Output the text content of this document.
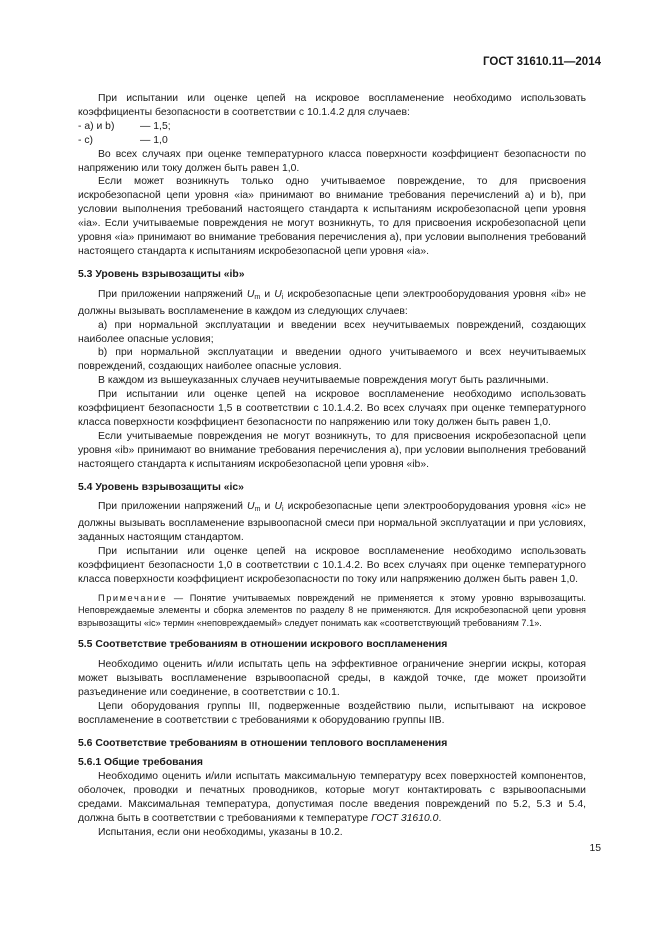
ГОСТ 31610.11—2014

При испытании или оценке цепей на искровое воспламенение необходимо использовать коэффициенты безопасности в соответствии с 10.1.4.2 для случаев:

- а) и b)	— 1,5;
- c)	— 1,0

Во всех случаях при оценке температурного класса поверхности коэффициент безопасности по напряжению или току должен быть равен 1,0.

Если может возникнуть только одно учитываемое повреждение, то для присвоения искробезопасной цепи уровня «ia» принимают во внимание требования перечислений а) и b), при условии выполнения требований настоящего стандарта к испытаниям искробезопасной цепи уровня «ia». Если учитываемые повреждения не могут возникнуть, то для присвоения искробезопасной цепи уровня «ia» принимают во внимание требования перечисления а), при условии выполнения требований настоящего стандарта к испытаниям искробезопасной цепи уровня «ia».

5.3 Уровень взрывозащиты «ib»

При приложении напряжений $U_m$ и $U_i$ искробезопасные цепи электрооборудования уровня «ib» не должны вызывать воспламенение в каждом из следующих случаев:

а) при нормальной эксплуатации и введении всех неучитываемых повреждений, создающих наиболее опасные условия;

b) при нормальной эксплуатации и введении одного учитываемого и всех неучитываемых повреждений, создающих наиболее опасные условия.

В каждом из вышеуказанных случаев неучитываемые повреждения могут быть различными.

При испытании или оценке цепей на искровое воспламенение необходимо использовать коэффициент безопасности 1,5 в соответствии с 10.1.4.2. Во всех случаях при оценке температурного класса поверхности коэффициент безопасности по напряжению или току должен быть равен 1,0.

Если учитываемые повреждения не могут возникнуть, то для присвоения искробезопасной цепи уровня «ib» принимают во внимание требования перечисления а), при условии выполнения требований настоящего стандарта к испытаниям искробезопасной цепи уровня «ib».

5.4 Уровень взрывозащиты «ic»

При приложении напряжений $U_m$ и $U_i$ искробезопасные цепи электрооборудования уровня «ic» не должны вызывать воспламенение взрывоопасной смеси при нормальной эксплуатации и при условиях, заданных настоящим стандартом.

При испытании или оценке цепей на искровое воспламенение необходимо использовать коэффициент безопасности 1,0 в соответствии с 10.1.4.2. Во всех случаях при оценке температурного класса поверхности коэффициент искробезопасности по току или напряжению должен быть равен 1,0.

Примечание — Понятие учитываемых повреждений не применяется к этому уровню взрывозащиты. Неповреждаемые элементы и сборка элементов по разделу 8 не применяются. Для искробезопасной цепи уровня взрывозащиты «ic» термин «неповреждаемый» следует понимать как «соответствующий требованиям 7.1».

5.5 Соответствие требованиям в отношении искрового воспламенения

Необходимо оценить и/или испытать цепь на эффективное ограничение энергии искры, которая может вызывать воспламенение взрывоопасной среды, в каждой точке, где может произойти разъединение или соединение, в соответствии с 10.1.

Цепи оборудования группы III, подверженные воздействию пыли, испытывают на искровое воспламенение в соответствии с требованиями к оборудованию группы IIB.

5.6 Соответствие требованиям в отношении теплового воспламенения

5.6.1 Общие требования

Необходимо оценить и/или испытать максимальную температуру всех поверхностей компонентов, оболочек, проводки и печатных проводников, которые могут контактировать с взрывоопасными средами. Максимальная температура, допустимая после введения повреждений по 5.2, 5.3 и 5.4, должна быть в соответствии с требованиями к температуре ГОСТ 31610.0.

Испытания, если они необходимы, указаны в 10.2.

15
